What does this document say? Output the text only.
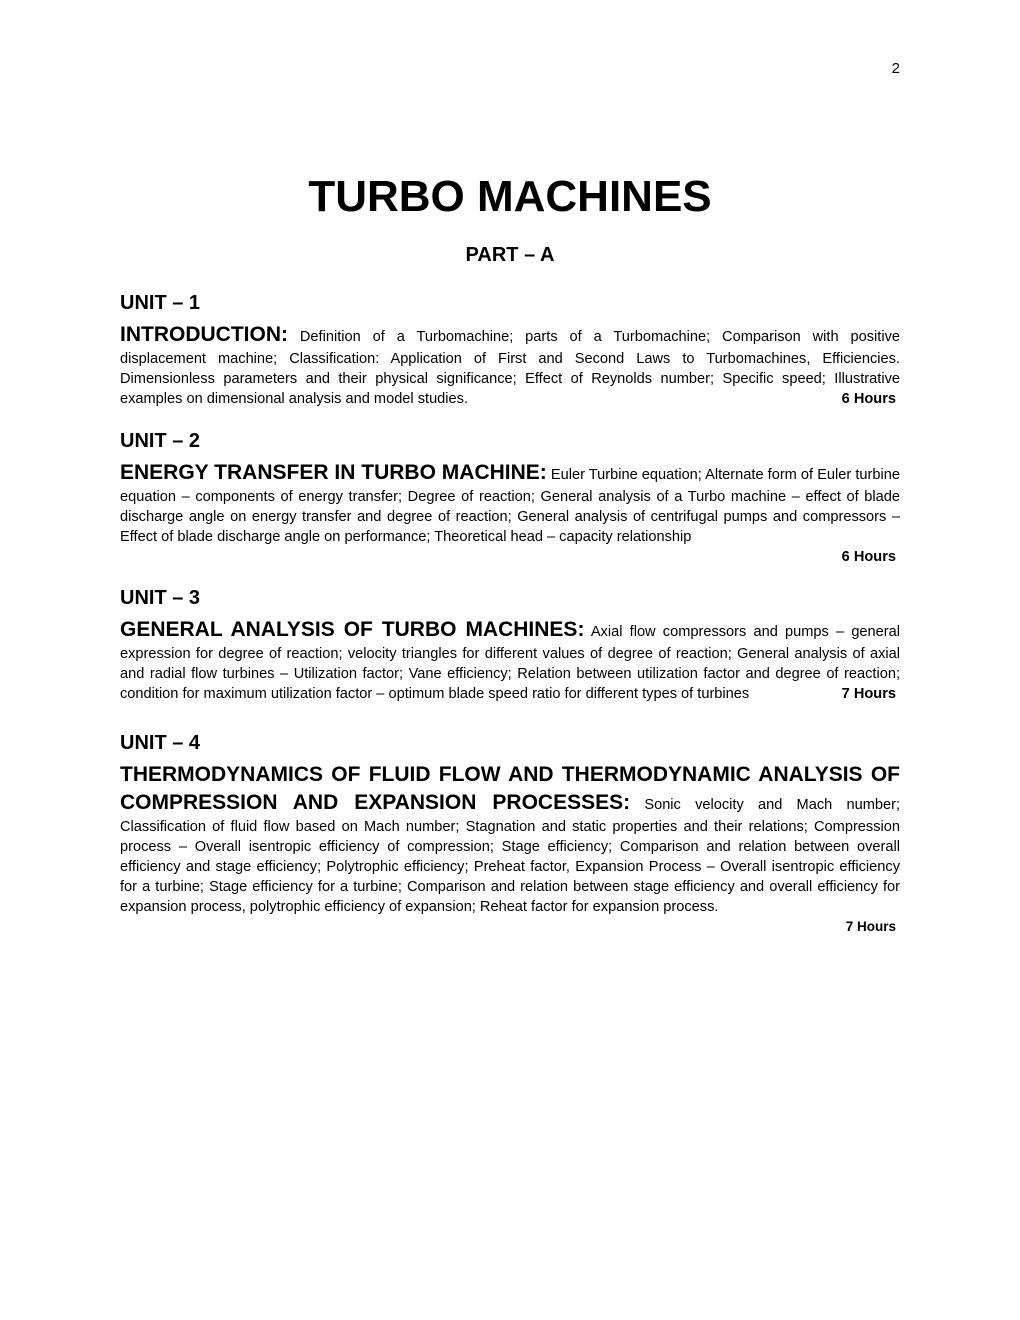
2
TURBO MACHINES
PART – A
UNIT – 1

INTRODUCTION: Definition of a Turbomachine; parts of a Turbomachine; Comparison with positive displacement machine; Classification: Application of First and Second Laws to Turbomachines, Efficiencies. Dimensionless parameters and their physical significance; Effect of Reynolds number; Specific speed; Illustrative examples on dimensional analysis and model studies.	6 Hours

UNIT – 2

ENERGY TRANSFER IN TURBO MACHINE: Euler Turbine equation; Alternate form of Euler turbine equation – components of energy transfer; Degree of reaction; General analysis of a Turbo machine – effect of blade discharge angle on energy transfer and degree of reaction; General analysis of centrifugal pumps and compressors – Effect of blade discharge angle on performance; Theoretical head – capacity relationship

6 Hours
UNIT – 3

GENERAL ANALYSIS OF TURBO MACHINES: Axial flow compressors and pumps – general expression for degree of reaction; velocity triangles for different values of degree of reaction; General analysis of axial and radial flow turbines – Utilization factor; Vane efficiency; Relation between utilization factor and degree of reaction; condition for maximum utilization factor – optimum blade speed ratio for different types of turbines	7 Hours

UNIT – 4

THERMODYNAMICS OF FLUID FLOW AND THERMODYNAMIC ANALYSIS OF COMPRESSION AND EXPANSION PROCESSES: Sonic velocity and Mach number; Classification of fluid flow based on Mach number; Stagnation and static properties and their relations; Compression process – Overall isentropic efficiency of compression; Stage efficiency; Comparison and relation between overall efficiency and stage efficiency; Polytrophic efficiency; Preheat factor, Expansion Process – Overall isentropic efficiency for a turbine; Stage efficiency for a turbine; Comparison and relation between stage efficiency and overall efficiency for expansion process, polytrophic efficiency of expansion; Reheat factor for expansion process.

7 Hours
